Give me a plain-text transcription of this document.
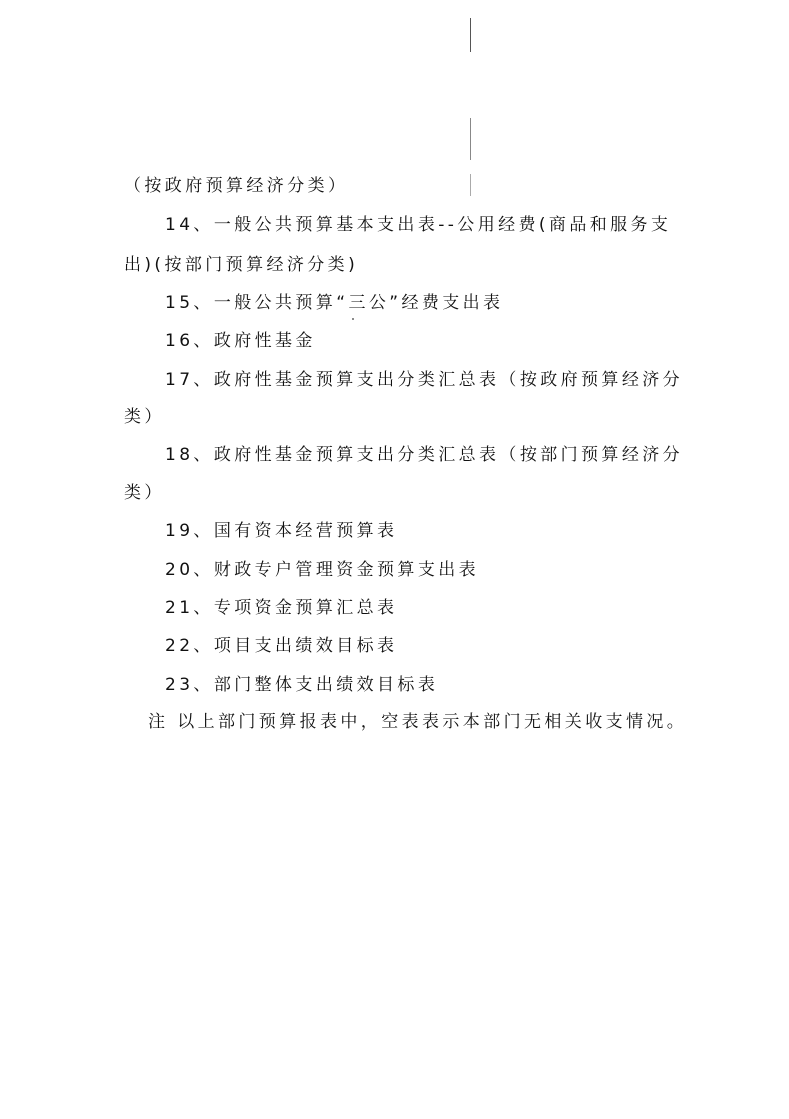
（按政府预算经济分类）
14、一般公共预算基本支出表--公用经费(商品和服务支
出)(按部门预算经济分类)
15、一般公共预算“三公”经费支出表
16、政府性基金
17、政府性基金预算支出分类汇总表（按政府预算经济分
类）
18、政府性基金预算支出分类汇总表（按部门预算经济分
类）
19、国有资本经营预算表
20、财政专户管理资金预算支出表
21、专项资金预算汇总表
22、项目支出绩效目标表
23、部门整体支出绩效目标表
注 以上部门预算报表中，空表表示本部门无相关收支情况。
